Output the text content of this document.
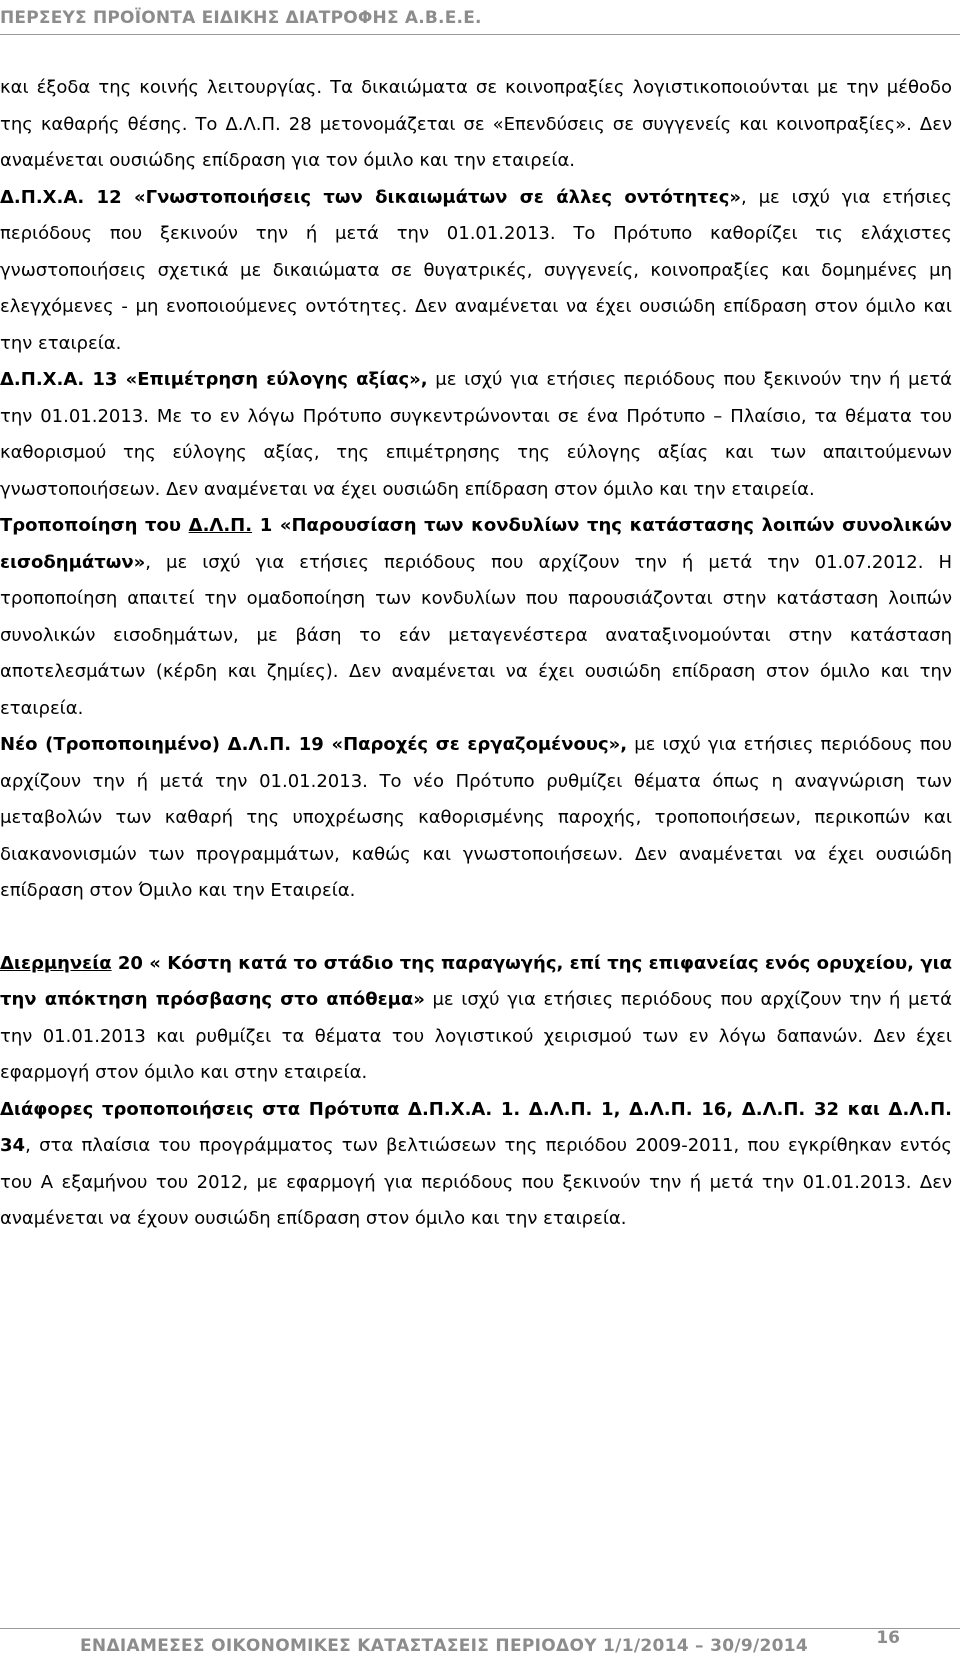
ΠΕΡΣΕΥΣ ΠΡΟΪΟΝΤΑ ΕΙΔΙΚΗΣ ΔΙΑΤΡΟΦΗΣ Α.Β.Ε.Ε.

και έξοδα της κοινής λειτουργίας. Τα δικαιώματα σε κοινοπραξίες λογιστικοποιούνται με την μέθοδο της καθαρής θέσης. Το Δ.Λ.Π. 28 μετονομάζεται σε «Επενδύσεις σε συγγενείς και κοινοπραξίες». Δεν αναμένεται ουσιώδης επίδραση για τον όμιλο και την εταιρεία.

Δ.Π.Χ.Α. 12 «Γνωστοποιήσεις των δικαιωμάτων σε άλλες οντότητες», με ισχύ για ετήσιες περιόδους που ξεκινούν την ή μετά την 01.01.2013. Το Πρότυπο καθορίζει τις ελάχιστες γνωστοποιήσεις σχετικά με δικαιώματα σε θυγατρικές, συγγενείς, κοινοπραξίες και δομημένες μη ελεγχόμενες - μη ενοποιούμενες οντότητες. Δεν αναμένεται να έχει ουσιώδη επίδραση στον όμιλο και την εταιρεία.

Δ.Π.Χ.Α. 13 «Επιμέτρηση εύλογης αξίας», με ισχύ για ετήσιες περιόδους που ξεκινούν την ή μετά την 01.01.2013. Με το εν λόγω Πρότυπο συγκεντρώνονται σε ένα Πρότυπο – Πλαίσιο, τα θέματα του καθορισμού της εύλογης αξίας, της επιμέτρησης της εύλογης αξίας και των απαιτούμενων γνωστοποιήσεων. Δεν αναμένεται να έχει ουσιώδη επίδραση στον όμιλο και την εταιρεία.

Τροποποίηση του Δ.Λ.Π. 1 «Παρουσίαση των κονδυλίων της κατάστασης λοιπών συνολικών εισοδημάτων», με ισχύ για ετήσιες περιόδους που αρχίζουν την ή μετά την 01.07.2012. Η τροποποίηση απαιτεί την ομαδοποίηση των κονδυλίων που παρουσιάζονται στην κατάσταση λοιπών συνολικών εισοδημάτων, με βάση το εάν μεταγενέστερα αναταξινομούνται στην κατάσταση αποτελεσμάτων (κέρδη και ζημίες). Δεν αναμένεται να έχει ουσιώδη επίδραση στον όμιλο και την εταιρεία.

Νέο (Τροποποιημένο) Δ.Λ.Π. 19 «Παροχές σε εργαζομένους», με ισχύ για ετήσιες περιόδους που αρχίζουν την ή μετά την 01.01.2013. Το νέο Πρότυπο ρυθμίζει θέματα όπως η αναγνώριση των μεταβολών των καθαρή της υποχρέωσης καθορισμένης παροχής, τροποποιήσεων, περικοπών και διακανονισμών των προγραμμάτων, καθώς και γνωστοποιήσεων. Δεν αναμένεται να έχει ουσιώδη επίδραση στον Όμιλο και την Εταιρεία.

Διερμηνεία 20 « Κόστη κατά το στάδιο της παραγωγής, επί της επιφανείας ενός ορυχείου, για την απόκτηση πρόσβασης στο απόθεμα» με ισχύ για ετήσιες περιόδους που αρχίζουν την ή μετά την 01.01.2013 και ρυθμίζει τα θέματα του λογιστικού χειρισμού των εν λόγω δαπανών. Δεν έχει εφαρμογή στον όμιλο και στην εταιρεία.

Διάφορες τροποποιήσεις στα Πρότυπα Δ.Π.Χ.Α. 1. Δ.Λ.Π. 1, Δ.Λ.Π. 16, Δ.Λ.Π. 32 και Δ.Λ.Π. 34, στα πλαίσια του προγράμματος των βελτιώσεων της περιόδου 2009-2011, που εγκρίθηκαν εντός του Α εξαμήνου του 2012, με εφαρμογή για περιόδους που ξεκινούν την ή μετά την 01.01.2013. Δεν αναμένεται να έχουν ουσιώδη επίδραση στον όμιλο και την εταιρεία.

ΕΝΔΙΑΜΕΣΕΣ ΟΙΚΟΝΟΜΙΚΕΣ ΚΑΤΑΣΤΑΣΕΙΣ ΠΕΡΙΟΔΟΥ 1/1/2014 – 30/9/2014	16
